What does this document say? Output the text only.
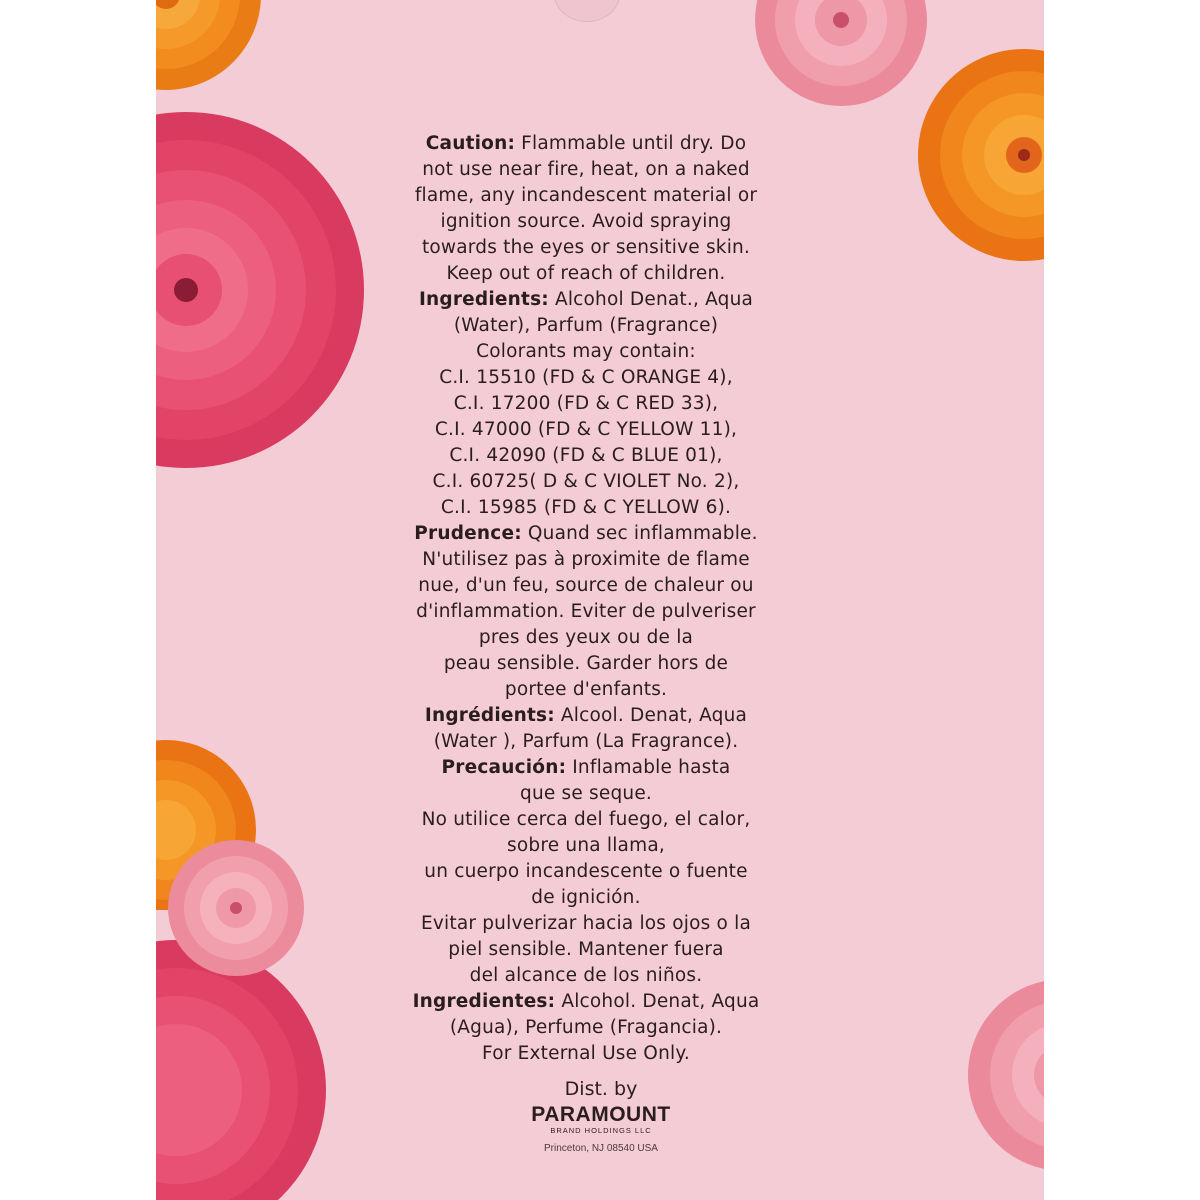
Caution: Flammable until dry. Do
not use near fire, heat, on a naked
flame, any incandescent material or
ignition source. Avoid spraying
towards the eyes or sensitive skin.
Keep out of reach of children.
Ingredients: Alcohol Denat., Aqua
(Water), Parfum (Fragrance)
Colorants may contain:
C.I. 15510 (FD & C ORANGE 4),
C.I. 17200 (FD & C RED 33),
C.I. 47000 (FD & C YELLOW 11),
C.I. 42090 (FD & C BLUE 01),
C.I. 60725( D & C VIOLET No. 2),
C.I. 15985 (FD & C YELLOW 6).
Prudence: Quand sec inflammable.
N'utilisez pas à proximite de flame
nue, d'un feu, source de chaleur ou
d'inflammation. Eviter de pulveriser
pres des yeux ou de la
peau sensible. Garder hors de
portee d'enfants.
Ingrédients: Alcool. Denat, Aqua
(Water ), Parfum (La Fragrance).
Precaución: Inflamable hasta
que se seque.
No utilice cerca del fuego, el calor,
sobre una llama,
un cuerpo incandescente o fuente
de ignición.
Evitar pulverizar hacia los ojos o la
piel sensible. Mantener fuera
del alcance de los niños.
Ingredientes: Alcohol. Denat, Aqua
(Agua), Perfume (Fragancia).
For External Use Only.
Dist. by
PARAMOUNT
BRAND HOLDINGS LLC
Princeton, NJ 08540 USA
